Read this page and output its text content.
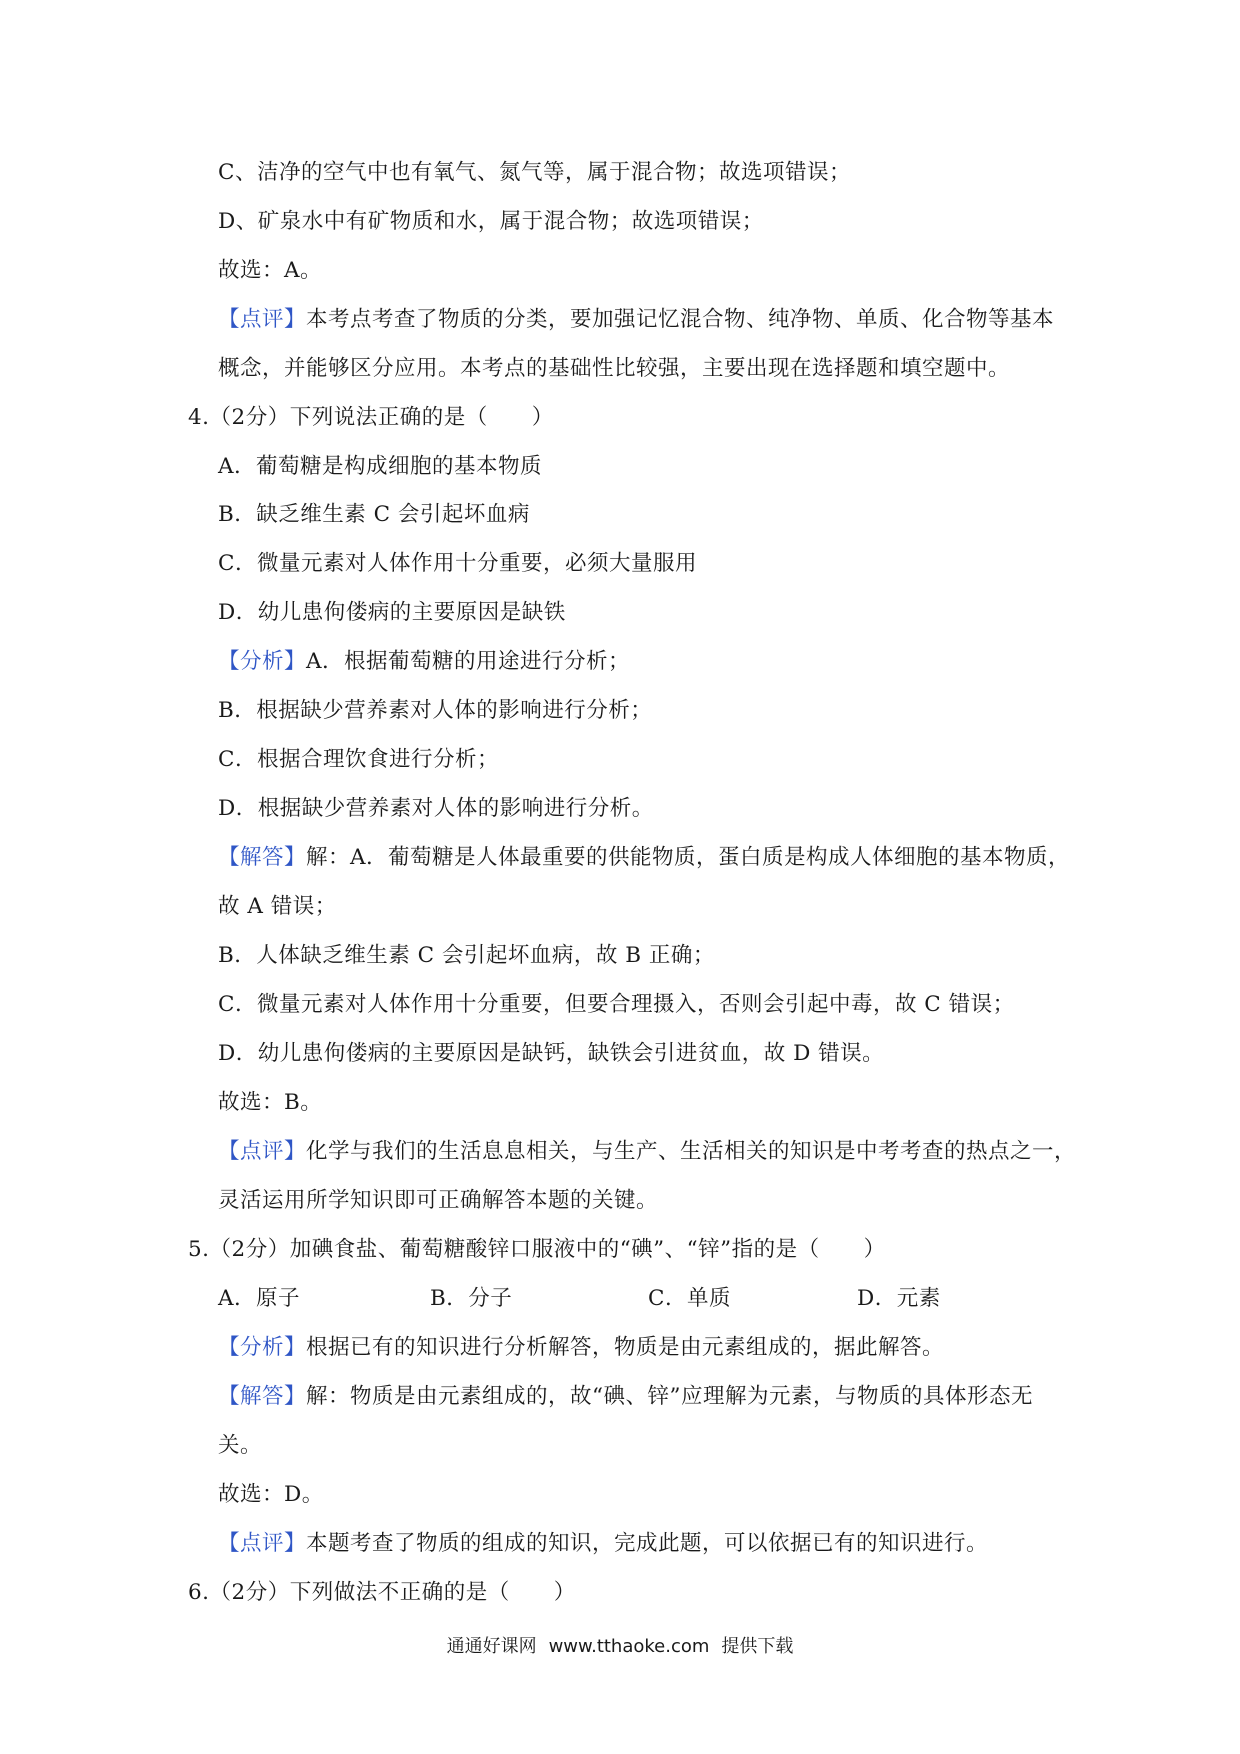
C、洁净的空气中也有氧气、氮气等，属于混合物；故选项错误；
D、矿泉水中有矿物质和水，属于混合物；故选项错误；
故选：A。
【点评】本考点考查了物质的分类，要加强记忆混合物、纯净物、单质、化合物等基本
概念，并能够区分应用。本考点的基础性比较强，主要出现在选择题和填空题中。
4.（2分）下列说法正确的是（　　）
A．葡萄糖是构成细胞的基本物质
B．缺乏维生素 C 会引起坏血病
C．微量元素对人体作用十分重要，必须大量服用
D．幼儿患佝偻病的主要原因是缺铁
【分析】A．根据葡萄糖的用途进行分析；
B．根据缺少营养素对人体的影响进行分析；
C．根据合理饮食进行分析；
D．根据缺少营养素对人体的影响进行分析。
【解答】解：A．葡萄糖是人体最重要的供能物质，蛋白质是构成人体细胞的基本物质，
故 A 错误；
B．人体缺乏维生素 C 会引起坏血病，故 B 正确；
C．微量元素对人体作用十分重要，但要合理摄入，否则会引起中毒，故 C 错误；
D．幼儿患佝偻病的主要原因是缺钙，缺铁会引进贫血，故 D 错误。
故选：B。
【点评】化学与我们的生活息息相关，与生产、生活相关的知识是中考考查的热点之一，
灵活运用所学知识即可正确解答本题的关键。
5.（2分）加碘食盐、葡萄糖酸锌口服液中的“碘”、“锌”指的是（　　）
A．原子	B．分子	C．单质	D．元素
【分析】根据已有的知识进行分析解答，物质是由元素组成的，据此解答。
【解答】解：物质是由元素组成的，故“碘、锌”应理解为元素，与物质的具体形态无
关。
故选：D。
【点评】本题考查了物质的组成的知识，完成此题，可以依据已有的知识进行。
6.（2分）下列做法不正确的是（　　）
通通好课网 www.tthaoke.com 提供下载
